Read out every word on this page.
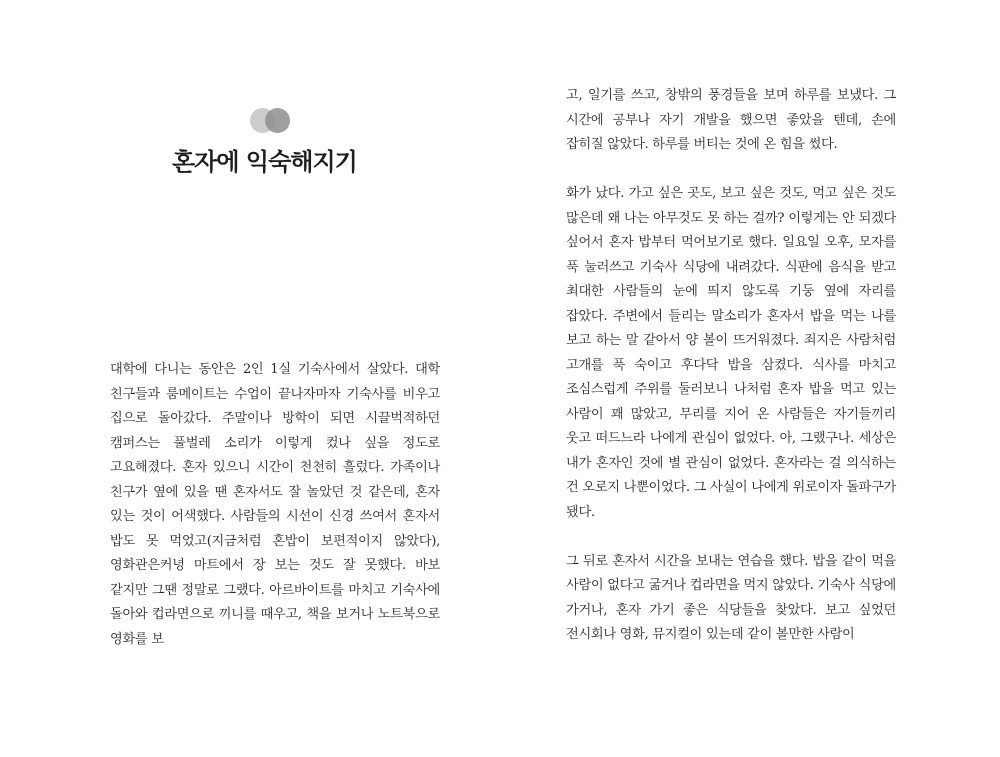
혼자에 익숙해지기

대학에 다니는 동안은 2인 1실 기숙사에서 살았다. 대학 친구들과 룸메이트는 수업이 끝나자마자 기숙사를 비우고 집으로 돌아갔다. 주말이나 방학이 되면 시끌벅적하던 캠퍼스는 풀벌레 소리가 이렇게 컸나 싶을 정도로 고요해졌다. 혼자 있으니 시간이 천천히 흘렀다. 가족이나 친구가 옆에 있을 땐 혼자서도 잘 놀았던 것 같은데, 혼자 있는 것이 어색했다. 사람들의 시선이 신경 쓰여서 혼자서 밥도 못 먹었고(지금처럼 혼밥이 보편적이지 않았다), 영화관은커녕 마트에서 장 보는 것도 잘 못했다. 바보 같지만 그땐 정말로 그랬다. 아르바이트를 마치고 기숙사에 돌아와 컵라면으로 끼니를 때우고, 책을 보거나 노트북으로 영화를 보

고, 일기를 쓰고, 창밖의 풍경들을 보며 하루를 보냈다. 그 시간에 공부나 자기 개발을 했으면 좋았을 텐데, 손에 잡히질 않았다. 하루를 버티는 것에 온 힘을 썼다.

화가 났다. 가고 싶은 곳도, 보고 싶은 것도, 먹고 싶은 것도 많은데 왜 나는 아무것도 못 하는 걸까? 이렇게는 안 되겠다 싶어서 혼자 밥부터 먹어보기로 했다. 일요일 오후, 모자를 푹 눌러쓰고 기숙사 식당에 내려갔다. 식판에 음식을 받고 최대한 사람들의 눈에 띄지 않도록 기둥 옆에 자리를 잡았다. 주변에서 들리는 말소리가 혼자서 밥을 먹는 나를 보고 하는 말 같아서 양 볼이 뜨거워졌다. 죄지은 사람처럼 고개를 푹 숙이고 후다닥 밥을 삼켰다. 식사를 마치고 조심스럽게 주위를 둘러보니 나처럼 혼자 밥을 먹고 있는 사람이 꽤 많았고, 무리를 지어 온 사람들은 자기들끼리 웃고 떠드느라 나에게 관심이 없었다. 아, 그랬구나. 세상은 내가 혼자인 것에 별 관심이 없었다. 혼자라는 걸 의식하는 건 오로지 나뿐이었다. 그 사실이 나에게 위로이자 돌파구가 됐다.

그 뒤로 혼자서 시간을 보내는 연습을 했다. 밥을 같이 먹을 사람이 없다고 굶거나 컵라면을 먹지 않았다. 기숙사 식당에 가거나, 혼자 가기 좋은 식당들을 찾았다. 보고 싶었던 전시회나 영화, 뮤지컬이 있는데 같이 볼만한 사람이
